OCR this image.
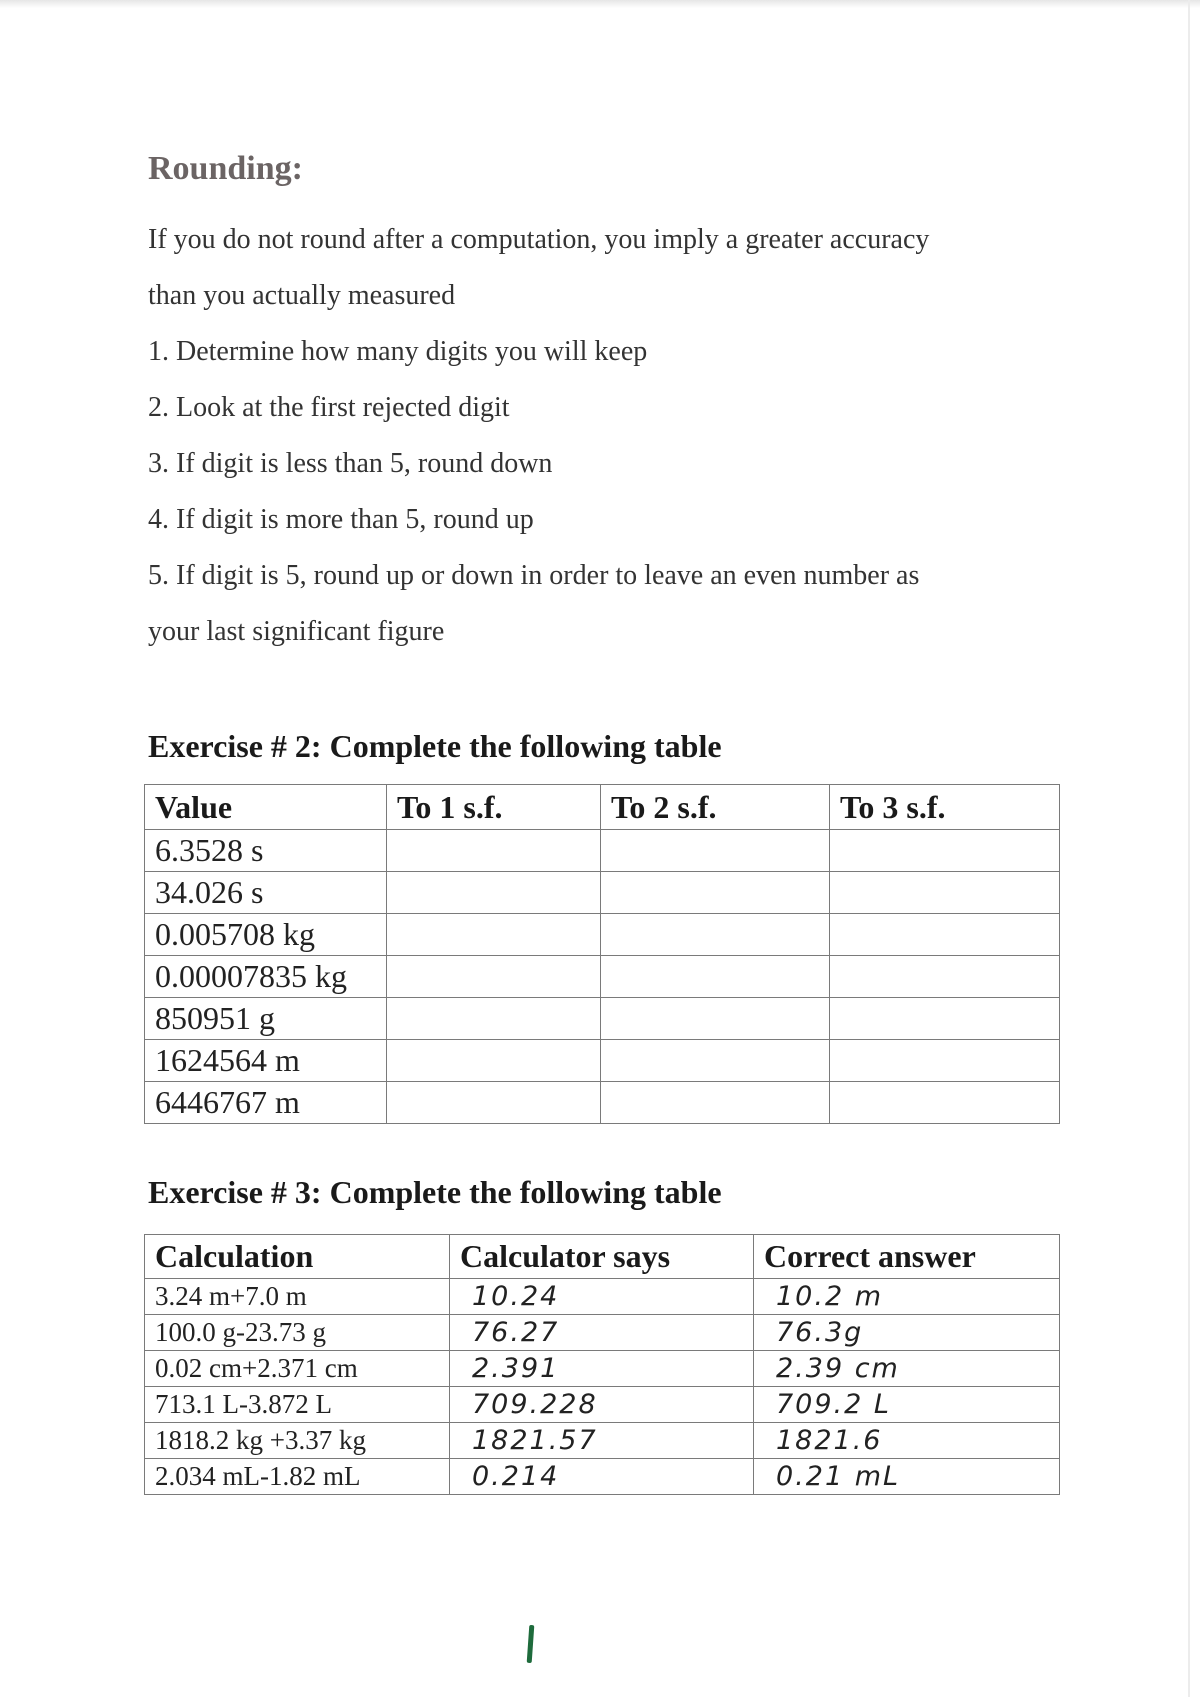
Rounding:
If you do not round after a computation, you imply a greater accuracy
than you actually measured
1 . Determine how many digits you will keep
2 . Look at the first rejected digit
3 . If digit is less than 5, round down
4 . If digit is more than 5, round up
5 . If digit is 5, round up or down in order to leave an even number as
your last significant figure
Exercise # 2: Complete the following table
Value	To 1 s.f.	To 2 s.f.	To 3 s.f.
6.3528 s			
34.026 s			
0.005708 kg			
0.00007835 kg			
850951 g			
1624564 m			
6446767 m			
Exercise # 3: Complete the following table
Calculation	Calculator says	Correct answer
3.24 m+7.0 m	10.24	10.2 m
100.0 g-23.73 g	76.27	76.3g
0.02 cm+2.371 cm	2.391	2.39 cm
713.1 L-3.872 L	709.228	709.2 L
1818.2 kg +3.37 kg	1821.57	1821.6
2.034 mL-1.82 mL	0.214	0.21 mL
